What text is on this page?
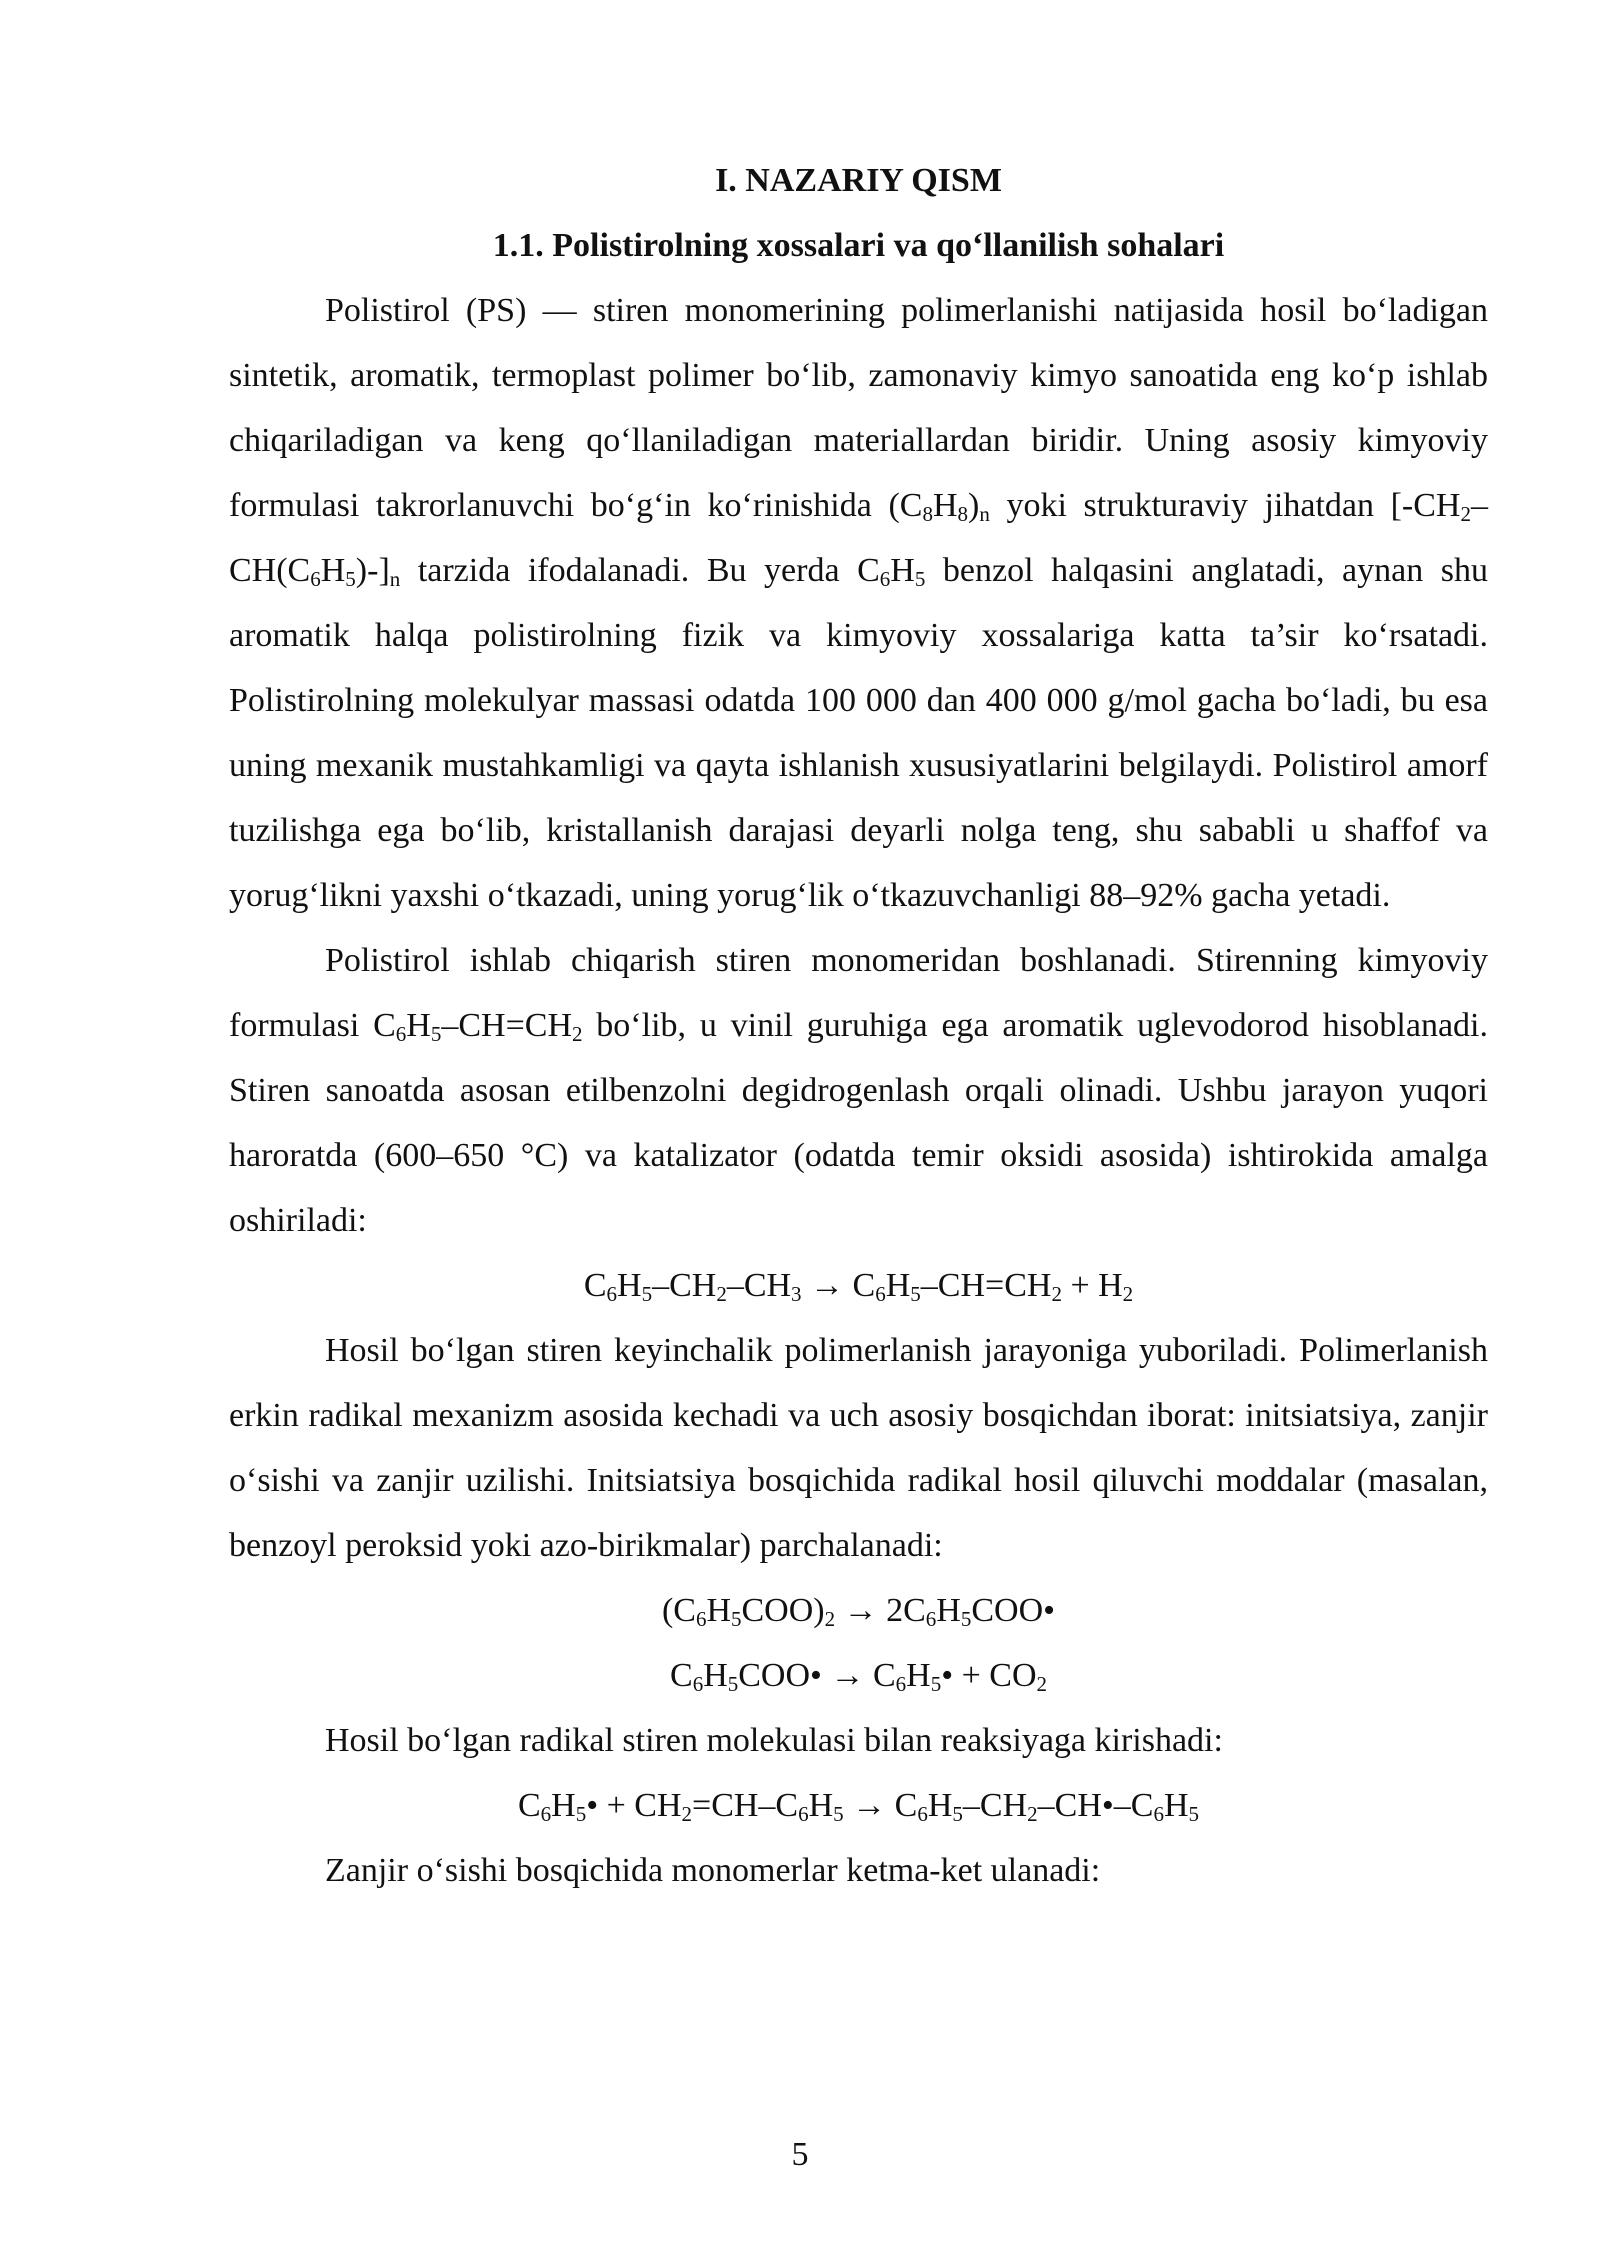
I. NAZARIY QISM
1.1. Polistirolning xossalari va qo‘llanilish sohalari

Polistirol (PS) — stiren monomerining polimerlanishi natijasida hosil bo‘ladigan sintetik, aromatik, termoplast polimer bo‘lib, zamonaviy kimyo sanoatida eng ko‘p ishlab chiqariladigan va keng qo‘llaniladigan materiallardan biridir. Uning asosiy kimyoviy formulasi takrorlanuvchi bo‘g‘in ko‘rinishida $(C_8H_8)_n$ yoki strukturaviy jihatdan $[-CH_2-CH(C_6H_5)-]_n$ tarzida ifodalanadi. Bu yerda $C_6H_5$ benzol halqasini anglatadi, aynan shu aromatik halqa polistirolning fizik va kimyoviy xossalariga katta ta’sir ko‘rsatadi. Polistirolning molekulyar massasi odatda 100 000 dan 400 000 g/mol gacha bo‘ladi, bu esa uning mexanik mustahkamligi va qayta ishlanish xususiyatlarini belgilaydi. Polistirol amorf tuzilishga ega bo‘lib, kristallanish darajasi deyarli nolga teng, shu sababli u shaffof va yorug‘likni yaxshi o‘tkazadi, uning yorug‘lik o‘tkazuvchanligi 88–92% gacha yetadi.

Polistirol ishlab chiqarish stiren monomeridan boshlanadi. Stirenning kimyoviy formulasi $C_6H_5-CH=CH_2$ bo‘lib, u vinil guruhiga ega aromatik uglevodorod hisoblanadi. Stiren sanoatda asosan etilbenzolni degidrogenlash orqali olinadi. Ushbu jarayon yuqori haroratda (600–650 °C) va katalizator (odatda temir oksidi asosida) ishtirokida amalga oshiriladi:

$C_6H_5-CH_2-CH_3 \to C_6H_5-CH=CH_2 + H_2$

Hosil bo‘lgan stiren keyinchalik polimerlanish jarayoniga yuboriladi. Polimerlanish erkin radikal mexanizm asosida kechadi va uch asosiy bosqichdan iborat: initsiatsiya, zanjir o‘sishi va zanjir uzilishi. Initsiatsiya bosqichida radikal hosil qiluvchi moddalar (masalan, benzoyl peroksid yoki azo-birikmalar) parchalanadi:

$(C_6H_5COO)_2$ → $2C_6H_5COO•$
$C_6H_5COO•$ → $C_6H_5• + CO_2$

Hosil bo‘lgan radikal stiren molekulasi bilan reaksiyaga kirishadi:

$C_6H_5• + CH_2=CH-C_6H_5$ → $C_6H_5-CH_2-CH•-C_6H_5$

Zanjir o‘sishi bosqichida monomerlar ketma-ket ulanadi:

5
